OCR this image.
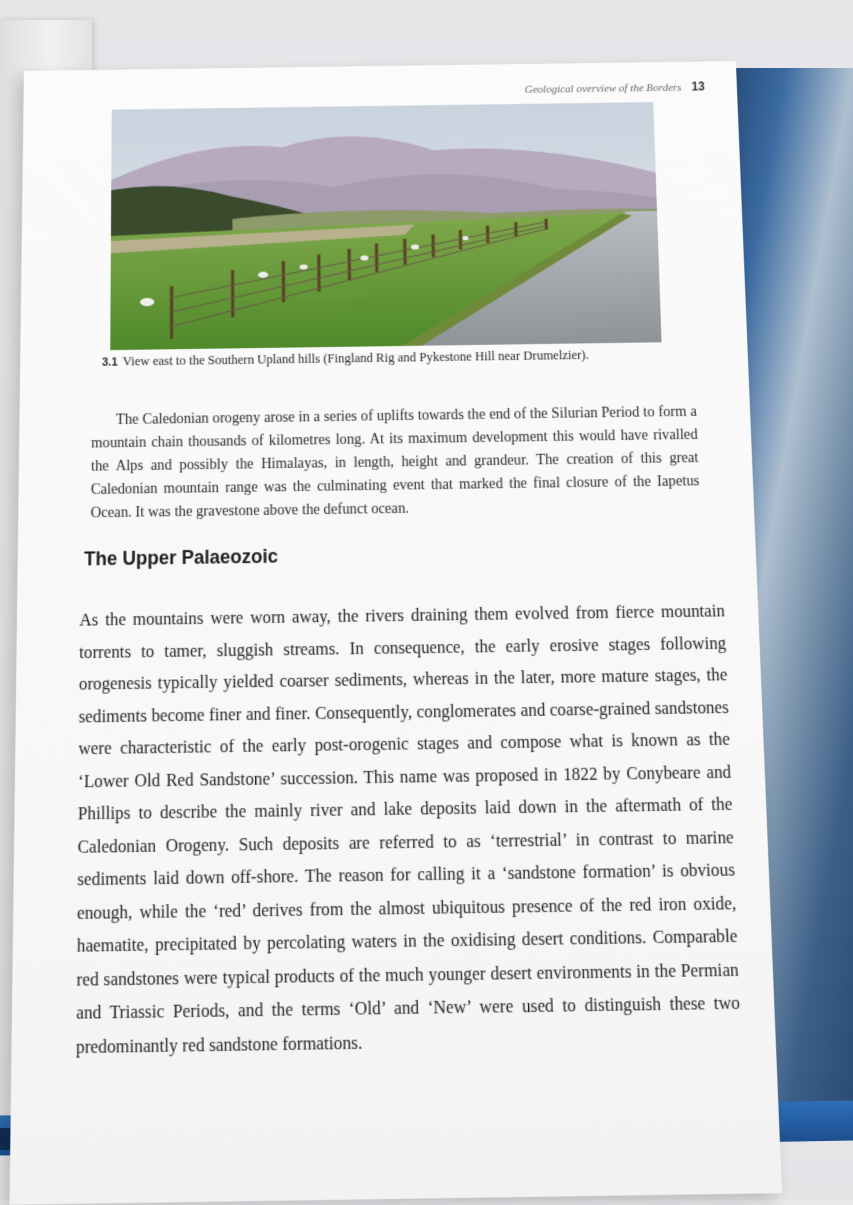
Geological overview of the Borders 13
3.1 View east to the Southern Upland hills (Fingland Rig and Pykestone Hill near Drumelzier).

The Caledonian orogeny arose in a series of uplifts towards the end of the Silurian Period to form a mountain chain thousands of kilometres long. At its maximum development this would have rivalled the Alps and possibly the Himalayas, in length, height and grandeur. The creation of this great Caledonian mountain range was the culminating event that marked the final closure of the Iapetus Ocean. It was the gravestone above the defunct ocean.

The Upper Palaeozoic

As the mountains were worn away, the rivers draining them evolved from fierce mountain torrents to tamer, sluggish streams. In consequence, the early erosive stages following orogenesis typically yielded coarser sediments, whereas in the later, more mature stages, the sediments become finer and finer. Consequently, conglomerates and coarse-grained sandstones were characteristic of the early post-orogenic stages and compose what is known as the ‘Lower Old Red Sandstone’ succession. This name was proposed in 1822 by Conybeare and Phillips to describe the mainly river and lake deposits laid down in the aftermath of the Caledonian Orogeny. Such deposits are referred to as ‘terrestrial’ in contrast to marine sediments laid down off-shore. The reason for calling it a ‘sandstone formation’ is obvious enough, while the ‘red’ derives from the almost ubiquitous presence of the red iron oxide, haematite, precipitated by percolating waters in the oxidising desert conditions. Comparable red sandstones were typical products of the much younger desert environments in the Permian and Triassic Periods, and the terms ‘Old’ and ‘New’ were used to distinguish these two predominantly red sandstone formations.
